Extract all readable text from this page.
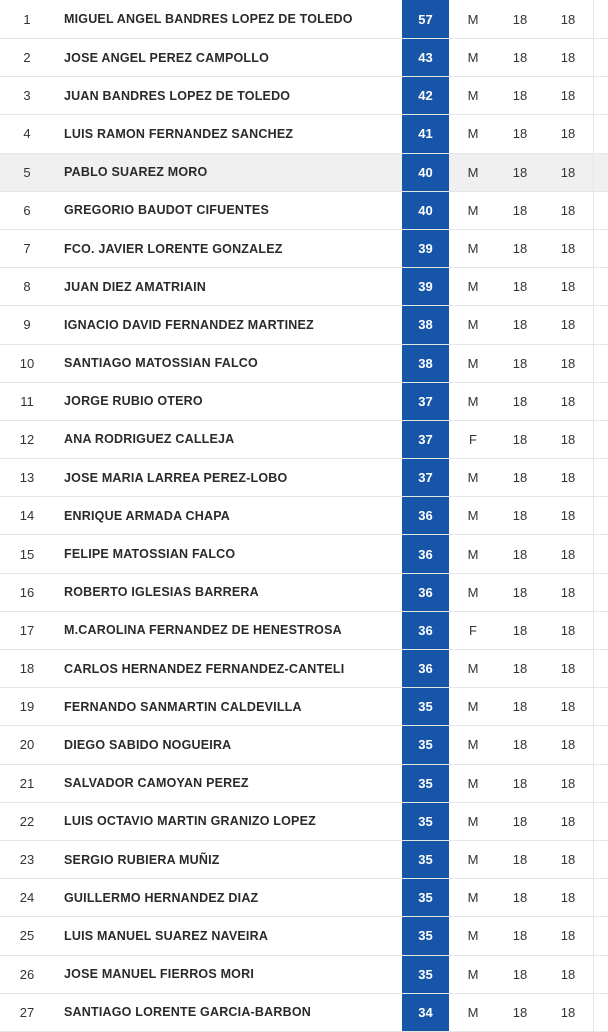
1	MIGUEL ANGEL BANDRES LOPEZ DE TOLEDO	57	M	18	18
2	JOSE ANGEL PEREZ CAMPOLLO	43	M	18	18
3	JUAN BANDRES LOPEZ DE TOLEDO	42	M	18	18
4	LUIS RAMON FERNANDEZ SANCHEZ	41	M	18	18
5	PABLO SUAREZ MORO	40	M	18	18
6	GREGORIO BAUDOT CIFUENTES	40	M	18	18
7	FCO. JAVIER LORENTE GONZALEZ	39	M	18	18
8	JUAN DIEZ AMATRIAIN	39	M	18	18
9	IGNACIO DAVID FERNANDEZ MARTINEZ	38	M	18	18
10	SANTIAGO MATOSSIAN FALCO	38	M	18	18
11	JORGE RUBIO OTERO	37	M	18	18
12	ANA RODRIGUEZ CALLEJA	37	F	18	18
13	JOSE MARIA LARREA PEREZ-LOBO	37	M	18	18
14	ENRIQUE ARMADA CHAPA	36	M	18	18
15	FELIPE MATOSSIAN FALCO	36	M	18	18
16	ROBERTO IGLESIAS BARRERA	36	M	18	18
17	M.CAROLINA FERNANDEZ DE HENESTROSA	36	F	18	18
18	CARLOS HERNANDEZ FERNANDEZ-CANTELI	36	M	18	18
19	FERNANDO SANMARTIN CALDEVILLA	35	M	18	18
20	DIEGO SABIDO NOGUEIRA	35	M	18	18
21	SALVADOR CAMOYAN PEREZ	35	M	18	18
22	LUIS OCTAVIO MARTIN GRANIZO LOPEZ	35	M	18	18
23	SERGIO RUBIERA MUÑIZ	35	M	18	18
24	GUILLERMO HERNANDEZ DIAZ	35	M	18	18
25	LUIS MANUEL SUAREZ NAVEIRA	35	M	18	18
26	JOSE MANUEL FIERROS MORI	35	M	18	18
27	SANTIAGO LORENTE GARCIA-BARBON	34	M	18	18
